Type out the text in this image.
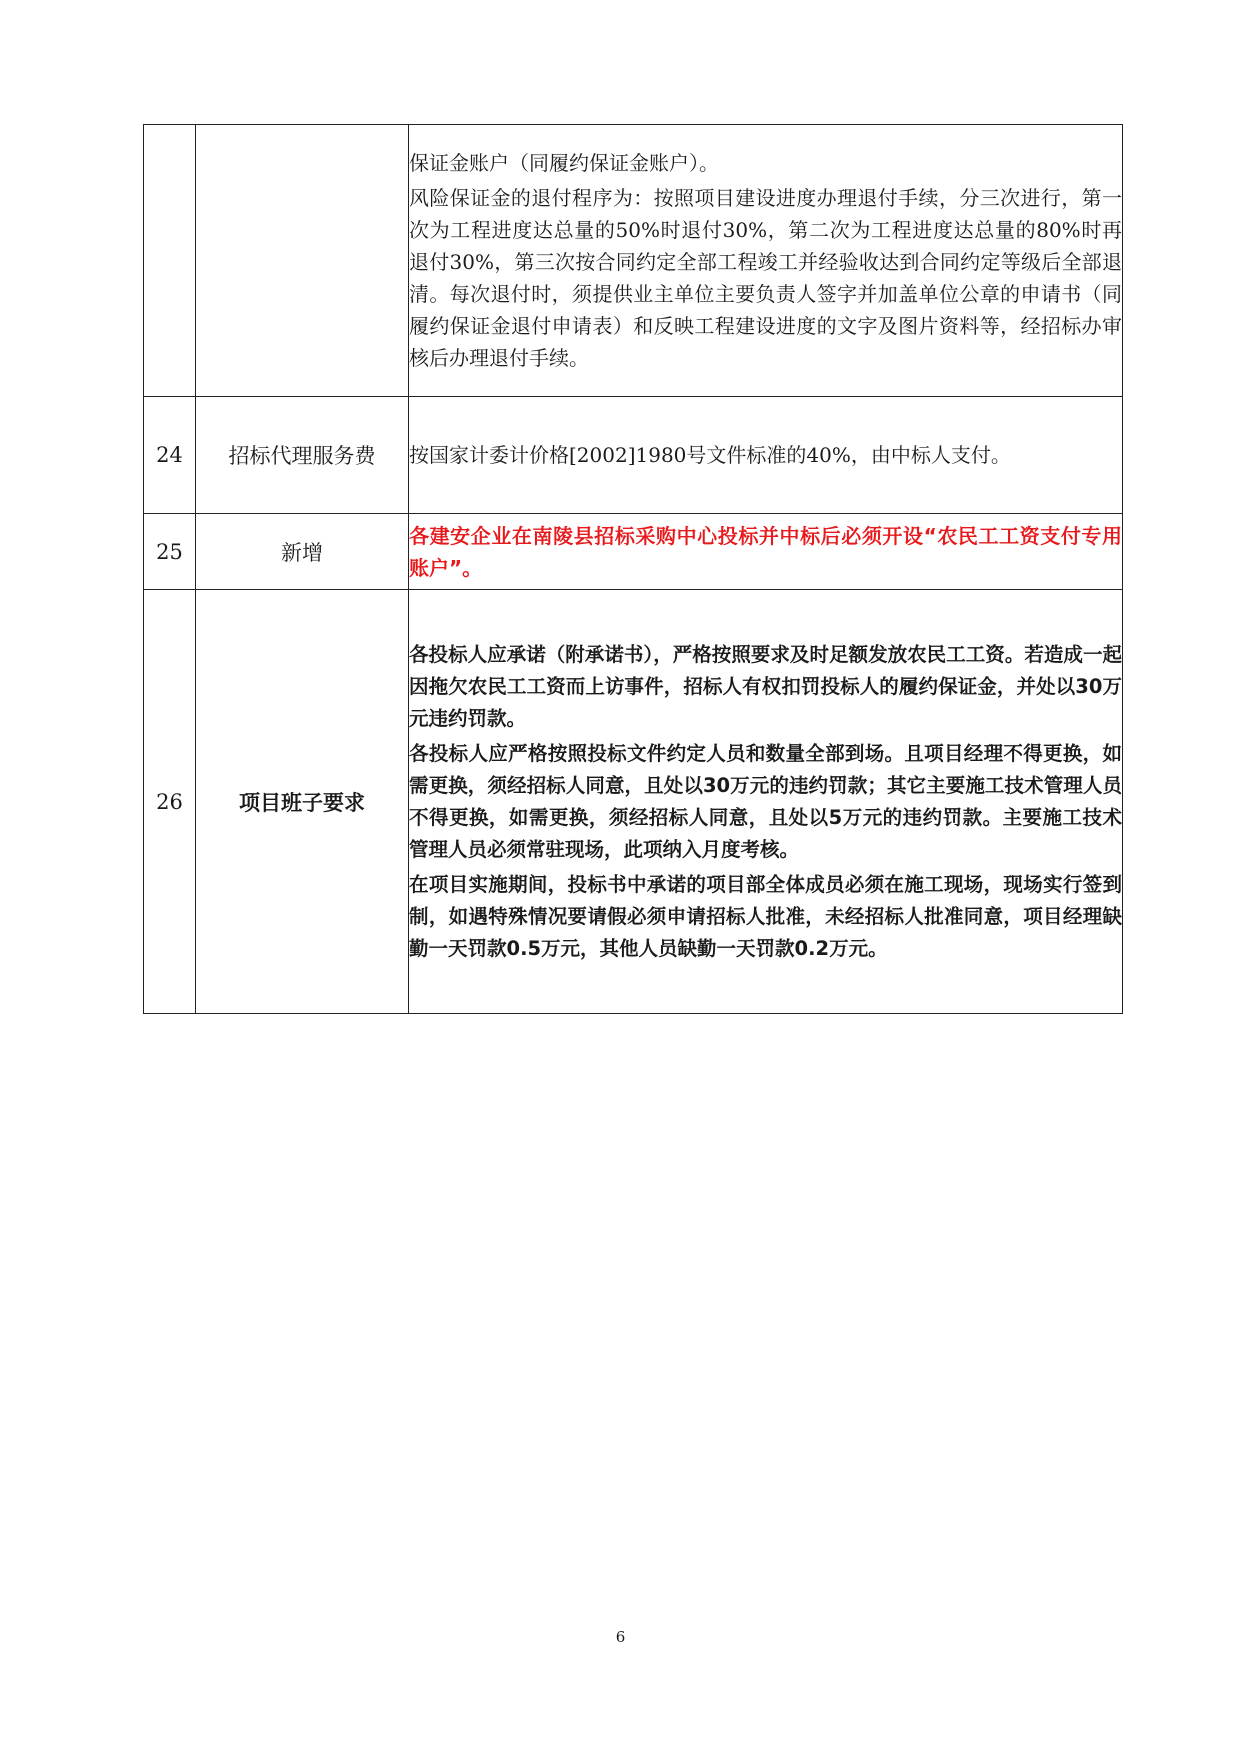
		保证金账户（同履约保证金账户）。

风险保证金的退付程序为：按照项目建设进度办理退付手续，分三次进行，第一次为工程进度达总量的50%时退付30%，第二次为工程进度达总量的80%时再退付30%，第三次按合同约定全部工程竣工并经验收达到合同约定等级后全部退清。每次退付时，须提供业主单位主要负责人签字并加盖单位公章的申请书（同履约保证金退付申请表）和反映工程建设进度的文字及图片资料等，经招标办审核后办理退付手续。

24	招标代理服务费	按国家计委计价格[2002]1980号文件标准的40%，由中标人支付。

25	新增	各建安企业在南陵县招标采购中心投标并中标后必须开设“农民工工资支付专用账户”。

26	项目班子要求	各投标人应承诺（附承诺书），严格按照要求及时足额发放农民工工资。若造成一起因拖欠农民工工资而上访事件，招标人有权扣罚投标人的履约保证金，并处以30万元违约罚款。

各投标人应严格按照投标文件约定人员和数量全部到场。且项目经理不得更换，如需更换，须经招标人同意，且处以30万元的违约罚款；其它主要施工技术管理人员不得更换，如需更换，须经招标人同意，且处以5万元的违约罚款。主要施工技术管理人员必须常驻现场，此项纳入月度考核。

在项目实施期间，投标书中承诺的项目部全体成员必须在施工现场，现场实行签到制，如遇特殊情况要请假必须申请招标人批准，未经招标人批准同意，项目经理缺勤一天罚款0.5万元，其他人员缺勤一天罚款0.2万元。

6
